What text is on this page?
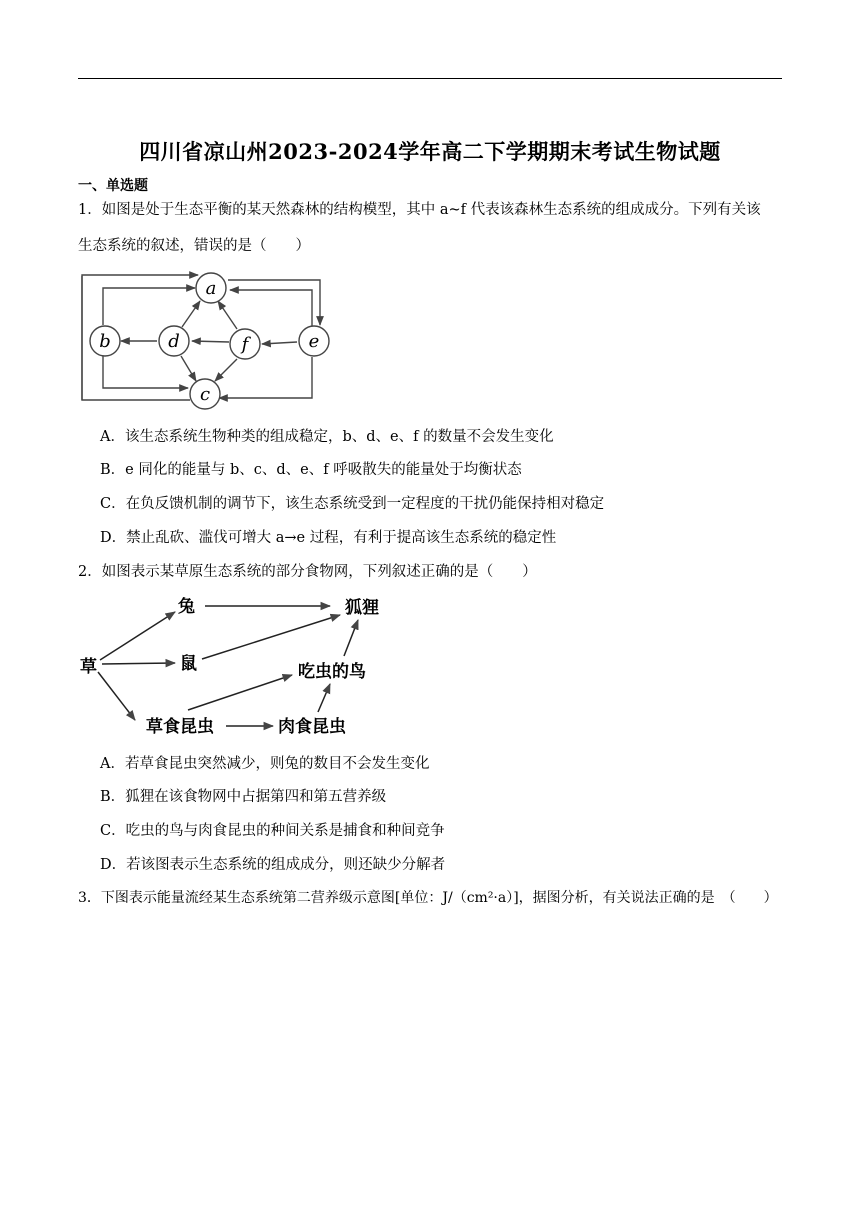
四川省凉山州2023-2024学年高二下学期期末考试生物试题
一、单选题
1．如图是处于生态平衡的某天然森林的结构模型，其中 a~f 代表该森林生态系统的组成成分。下列有关该
生态系统的叙述，错误的是（　　）
a
b
c
d	e
f
草
兔
鼠
狐狸
吃虫的鸟
草食昆虫	肉食昆虫
A．该生态系统生物种类的组成稳定，b、d、e、f 的数量不会发生变化
B．e 同化的能量与 b、c、d、e、f 呼吸散失的能量处于均衡状态
C．在负反馈机制的调节下，该生态系统受到一定程度的干扰仍能保持相对稳定
D．禁止乱砍、滥伐可增大 a→e 过程，有利于提高该生态系统的稳定性
2．如图表示某草原生态系统的部分食物网，下列叙述正确的是（　　）
A．若草食昆虫突然减少，则兔的数目不会发生变化
B．狐狸在该食物网中占据第四和第五营养级
C．吃虫的鸟与肉食昆虫的种间关系是捕食和种间竞争
D．若该图表示生态系统的组成成分，则还缺少分解者
3．下图表示能量流经某生态系统第二营养级示意图[单位：J/（cm²·a）]，据图分析，有关说法正确的是　（　　）
